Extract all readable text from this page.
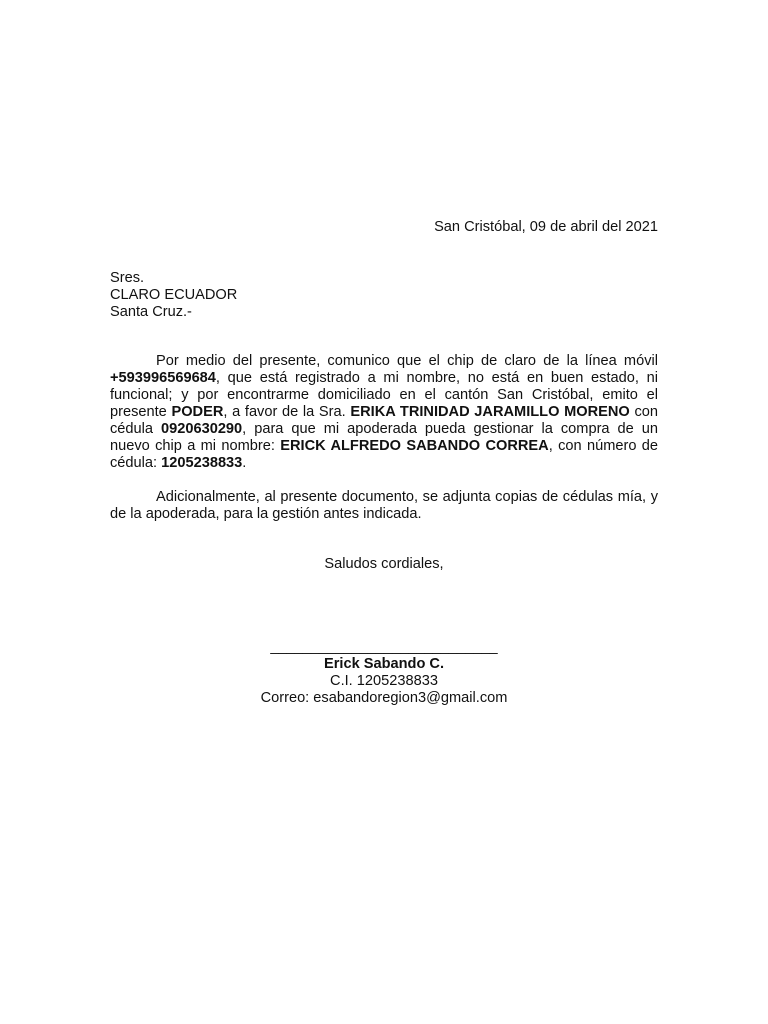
San Cristóbal, 09 de abril del 2021
Sres.
CLARO ECUADOR
Santa Cruz.-
Por medio del presente, comunico que el chip de claro de la línea móvil +593996569684, que está registrado a mi nombre, no está en buen estado, ni funcional; y por encontrarme domiciliado en el cantón San Cristóbal, emito el presente PODER, a favor de la Sra. ERIKA TRINIDAD JARAMILLO MORENO con cédula 0920630290, para que mi apoderada pueda gestionar la compra de un nuevo chip a mi nombre: ERICK ALFREDO SABANDO CORREA, con número de cédula: 1205238833.
Adicionalmente, al presente documento, se adjunta copias de cédulas mía, y de la apoderada, para la gestión antes indicada.
Saludos cordiales,
____________________________
Erick Sabando C.
C.I. 1205238833
Correo: esabandoregion3@gmail.com
